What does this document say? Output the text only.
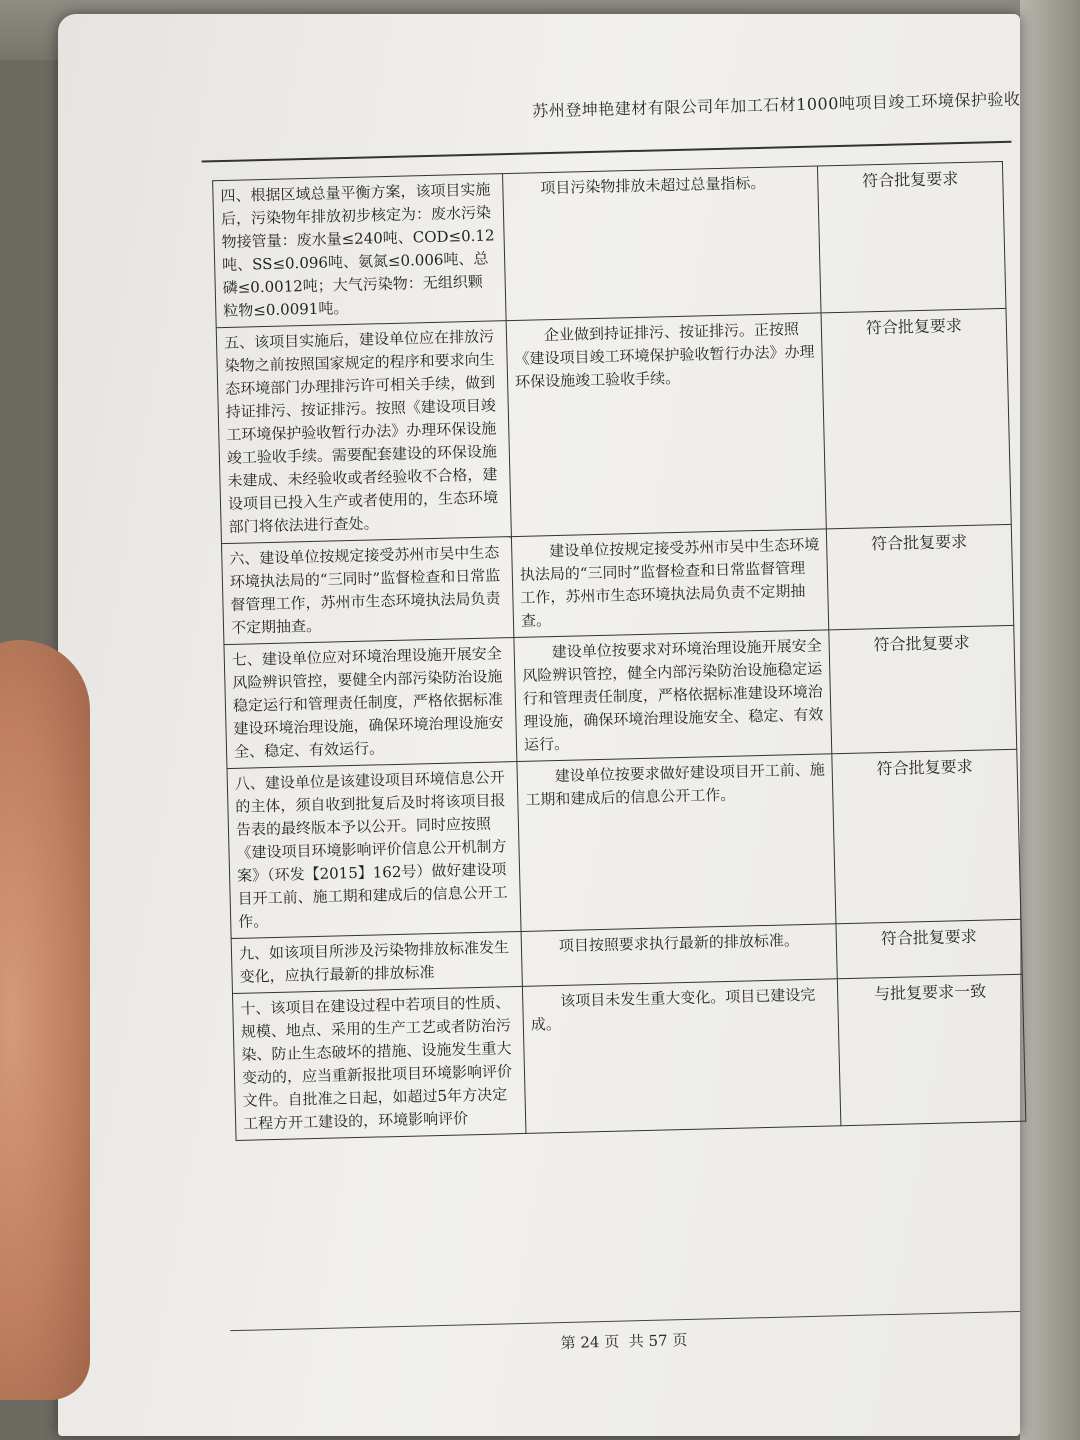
苏州登坤艳建材有限公司年加工石材1000吨项目竣工环境保护验收
四、根据区域总量平衡方案，该项目实施后，污染物年排放初步核定为：废水污染物接管量：废水量≤240吨、COD≤0.12吨、SS≤0.096吨、氨氮≤0.006吨、总磷≤0.0012吨；大气污染物：无组织颗粒物≤0.0091吨。	项目污染物排放未超过总量指标。	符合批复要求
五、该项目实施后，建设单位应在排放污染物之前按照国家规定的程序和要求向生态环境部门办理排污许可相关手续，做到持证排污、按证排污。按照《建设项目竣工环境保护验收暂行办法》办理环保设施竣工验收手续。需要配套建设的环保设施未建成、未经验收或者经验收不合格，建设项目已投入生产或者使用的，生态环境部门将依法进行查处。	企业做到持证排污、按证排污。正按照《建设项目竣工环境保护验收暂行办法》办理环保设施竣工验收手续。	符合批复要求
六、建设单位按规定接受苏州市吴中生态环境执法局的“三同时”监督检查和日常监督管理工作，苏州市生态环境执法局负责不定期抽查。	建设单位按规定接受苏州市吴中生态环境执法局的“三同时”监督检查和日常监督管理工作，苏州市生态环境执法局负责不定期抽查。	符合批复要求
七、建设单位应对环境治理设施开展安全风险辨识管控，要健全内部污染防治设施稳定运行和管理责任制度，严格依据标准建设环境治理设施，确保环境治理设施安全、稳定、有效运行。	建设单位按要求对环境治理设施开展安全风险辨识管控，健全内部污染防治设施稳定运行和管理责任制度，严格依据标准建设环境治理设施，确保环境治理设施安全、稳定、有效运行。	符合批复要求
八、建设单位是该建设项目环境信息公开的主体，须自收到批复后及时将该项目报告表的最终版本予以公开。同时应按照《建设项目环境影响评价信息公开机制方案》（环发【2015】162号）做好建设项目开工前、施工期和建成后的信息公开工作。	建设单位按要求做好建设项目开工前、施工期和建成后的信息公开工作。	符合批复要求
九、如该项目所涉及污染物排放标准发生变化，应执行最新的排放标准	项目按照要求执行最新的排放标准。	符合批复要求
十、该项目在建设过程中若项目的性质、规模、地点、采用的生产工艺或者防治污染、防止生态破坏的措施、设施发生重大变动的，应当重新报批项目环境影响评价文件。自批准之日起，如超过5年方决定工程方开工建设的，环境影响评价	该项目未发生重大变化。项目已建设完成。	与批复要求一致
第 24 页  共 57 页
